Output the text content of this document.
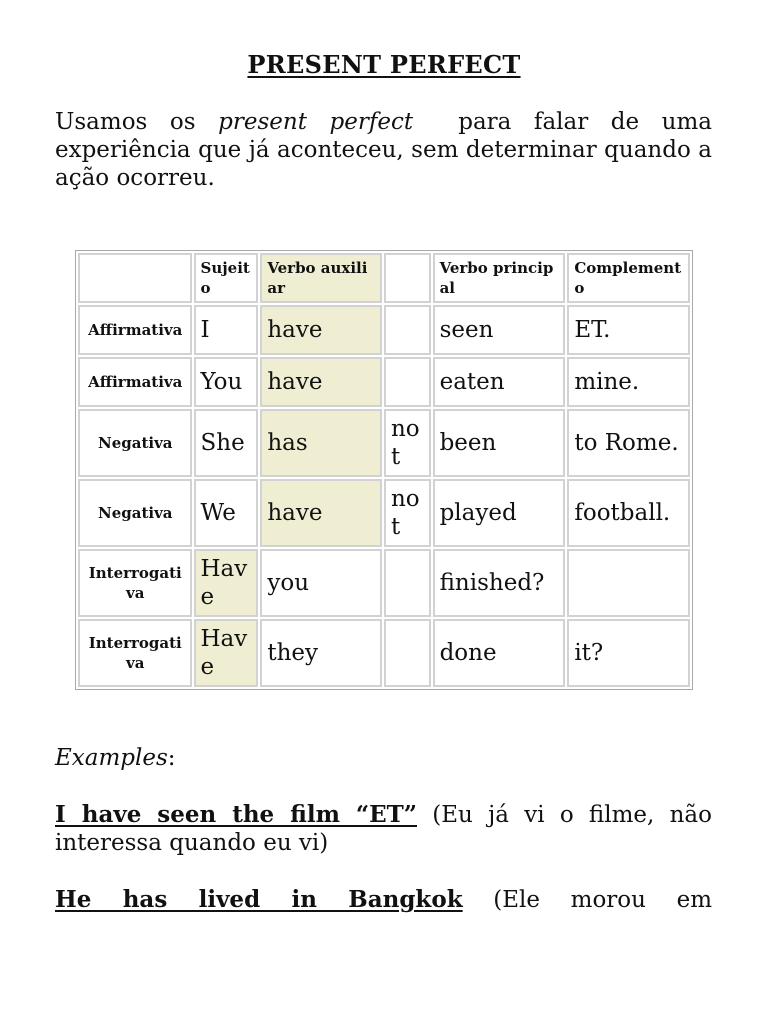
PRESENT PERFECT

Usamos os present perfect  para falar de uma experiência que já aconteceu, sem determinar quando a ação ocorreu.

	Sujeito	Verbo auxiliar		Verbo principal	Complemento
Affirmativa	I	have		seen	ET.
Affirmativa	You	have		eaten	mine.
Negativa	She	has	not	been	to Rome.
Negativa	We	have	not	played	football.
Interrogativa	Have	you		finished?	
Interrogativa	Have	they		done	it?

Examples:

I have seen the film “ET” (Eu já vi o filme, não interessa quando eu vi)

He has lived in Bangkok (Ele morou em
